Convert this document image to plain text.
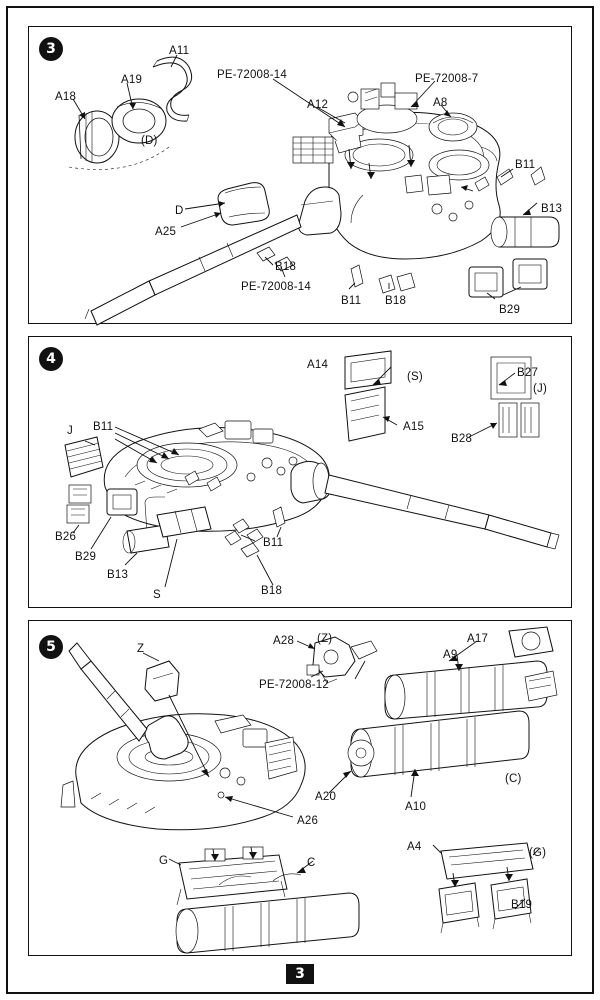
3	A11
A19
A18
(D)
PE-72008-14
A12
PE-72008-7
A8
B11
B13
D
A25
B18
PE-72008-14
B11 B18
B29
4	A14
(S)	B27
(J)
A15
B28
J B11
B26
B29
B11
B13
S	B18
5	Z
A28 (Z)	A17
A9
PE-72008-12
(C)
A20
A10
A26
A4	(G)
G	C
B19
3
